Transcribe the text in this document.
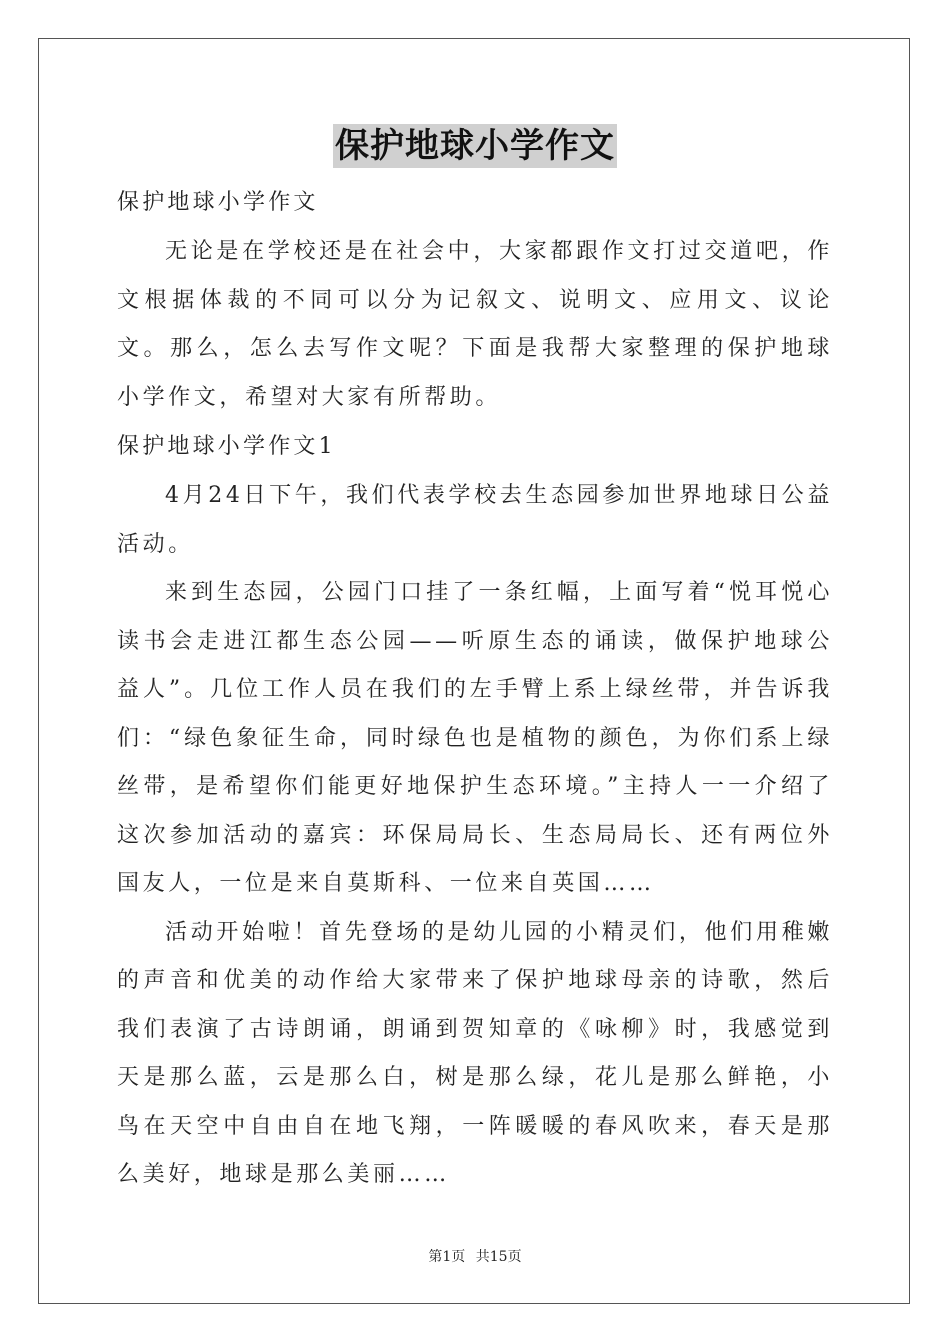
保护地球小学作文

保护地球小学作文

无论是在学校还是在社会中，大家都跟作文打过交道吧，作文根据体裁的不同可以分为记叙文、说明文、应用文、议论文。那么，怎么去写作文呢？下面是我帮大家整理的保护地球小学作文，希望对大家有所帮助。

保护地球小学作文1

4月24日下午，我们代表学校去生态园参加世界地球日公益活动。

来到生态园，公园门口挂了一条红幅，上面写着“悦耳悦心读书会走进江都生态公园——听原生态的诵读，做保护地球公益人”。几位工作人员在我们的左手臂上系上绿丝带，并告诉我们：“绿色象征生命，同时绿色也是植物的颜色，为你们系上绿丝带，是希望你们能更好地保护生态环境。”主持人一一介绍了这次参加活动的嘉宾：环保局局长、生态局局长、还有两位外国友人，一位是来自莫斯科、一位来自英国……

活动开始啦！首先登场的是幼儿园的小精灵们，他们用稚嫩的声音和优美的动作给大家带来了保护地球母亲的诗歌，然后我们表演了古诗朗诵，朗诵到贺知章的《咏柳》时，我感觉到天是那么蓝，云是那么白，树是那么绿，花儿是那么鲜艳，小鸟在天空中自由自在地飞翔，一阵暖暖的春风吹来，春天是那么美好，地球是那么美丽……

第1页 共15页
